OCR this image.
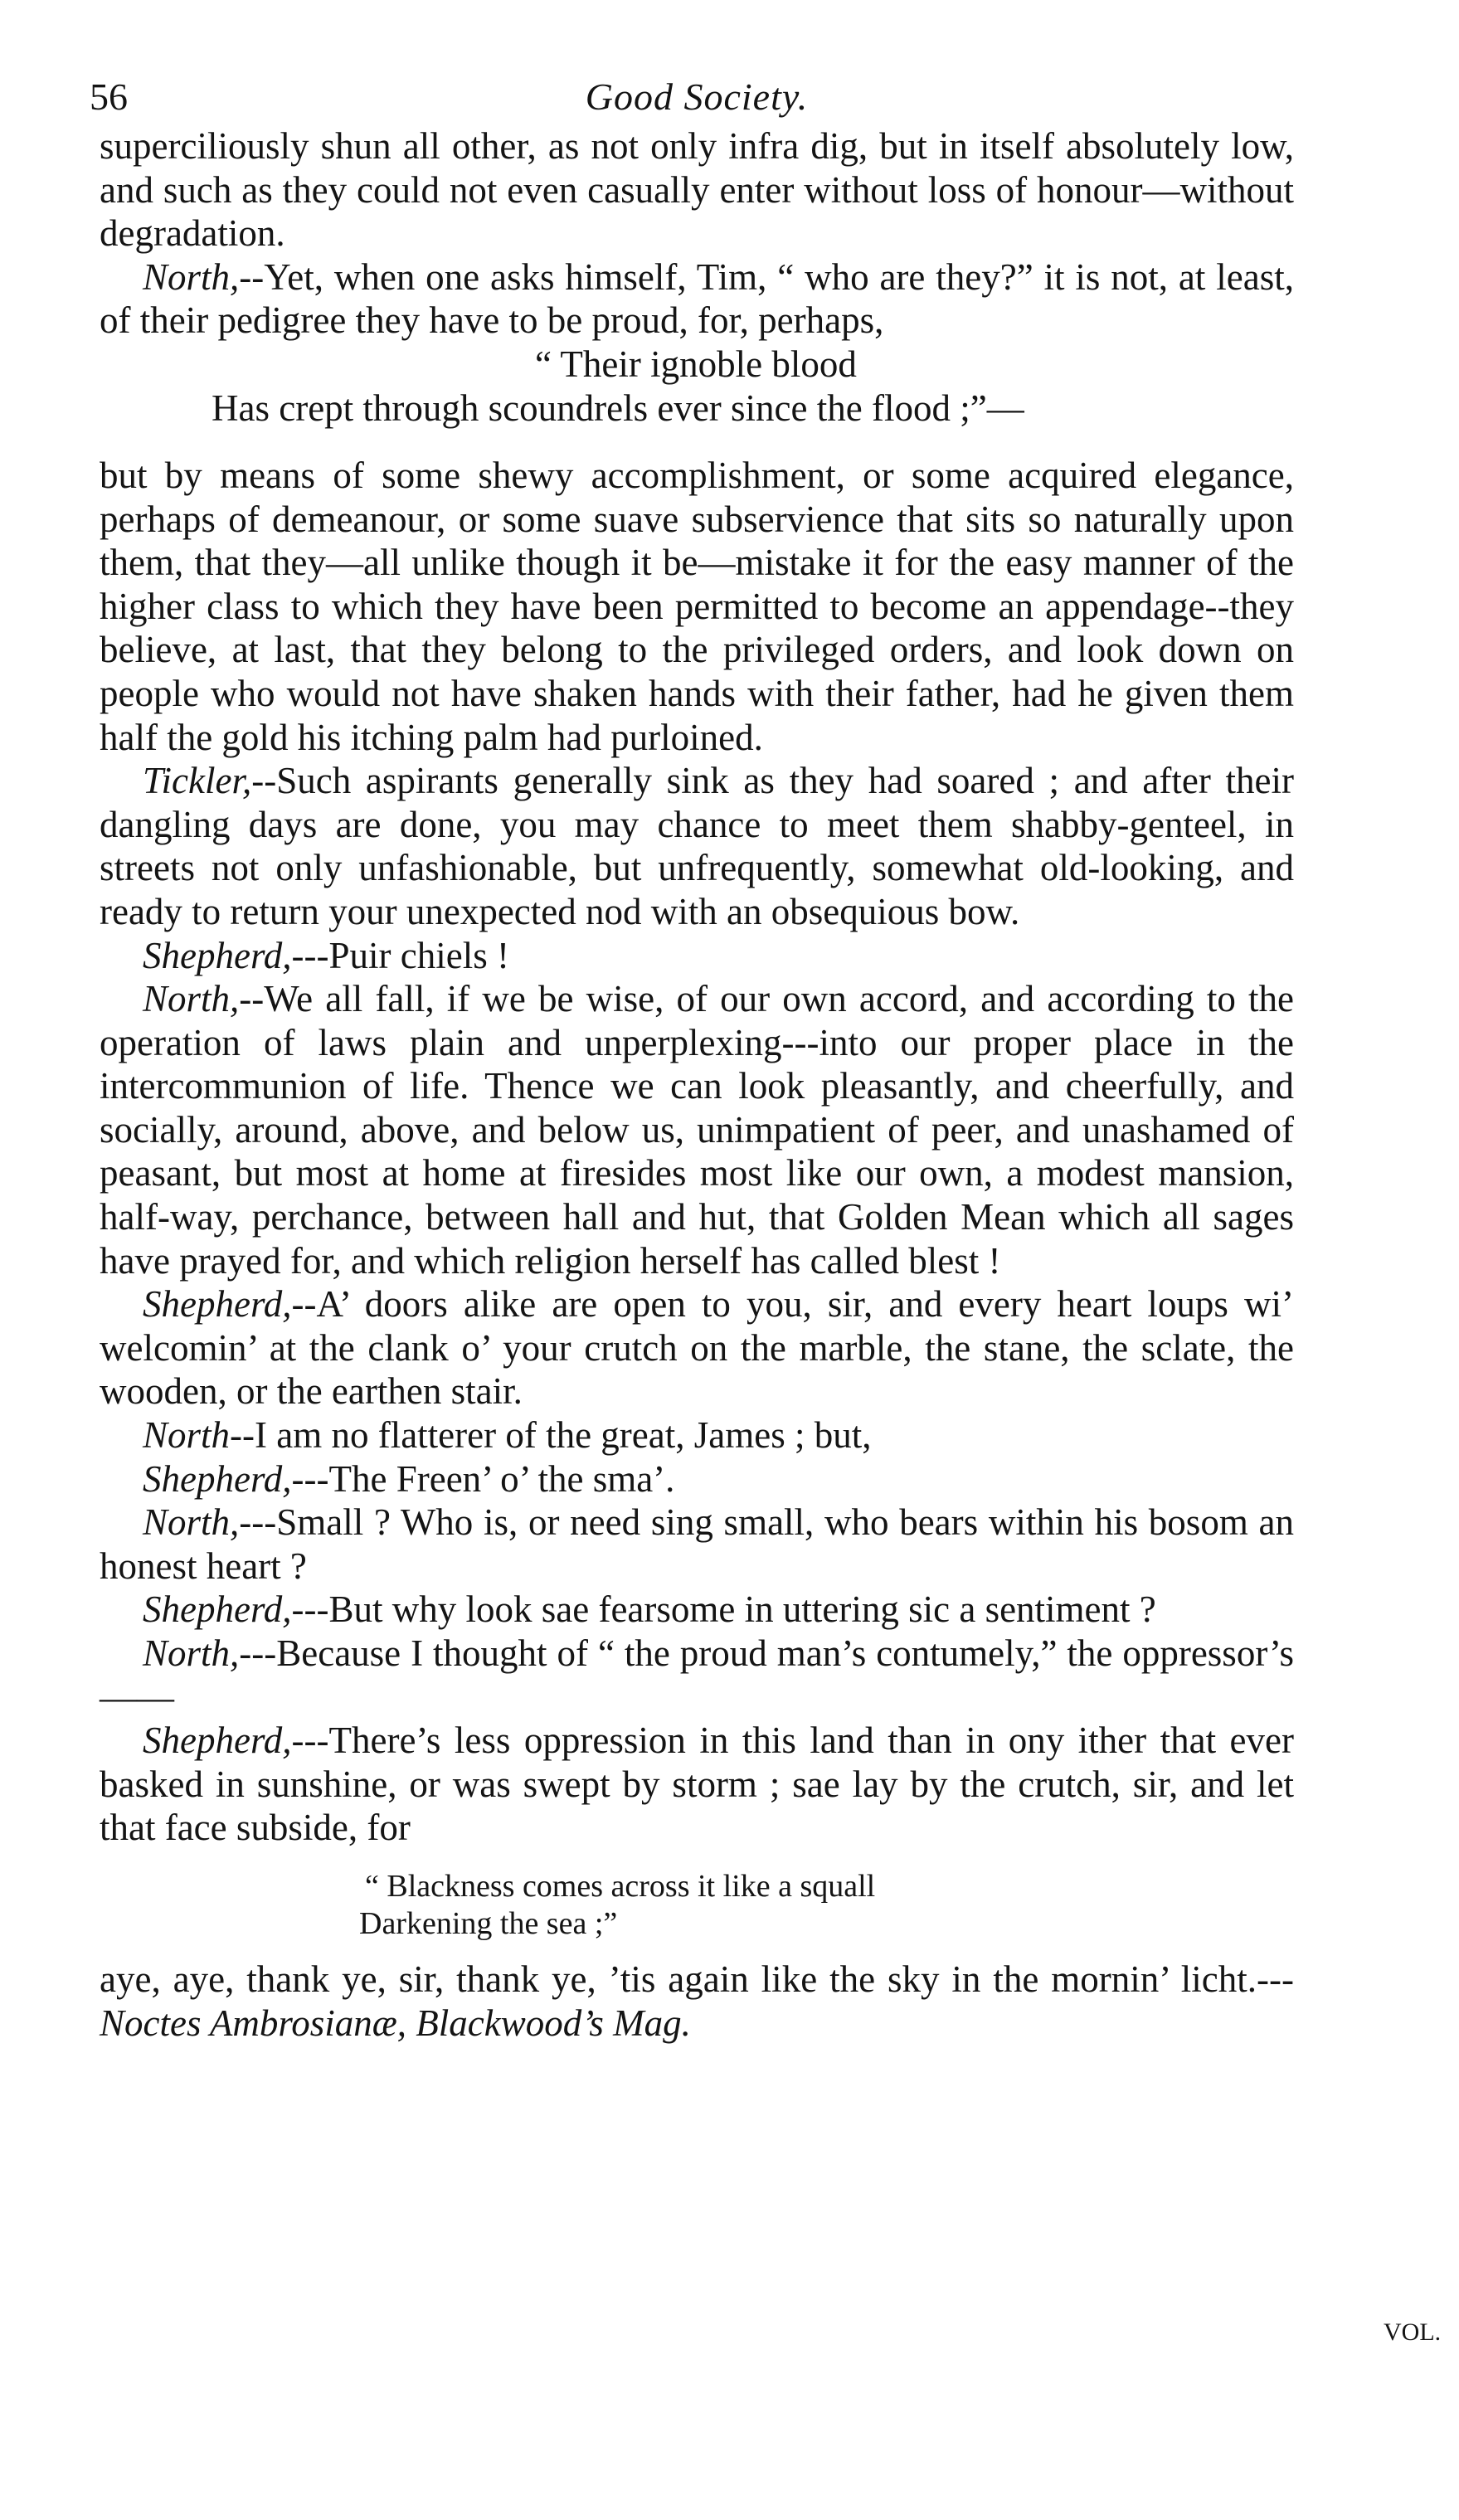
56	Good Society.

superciliously shun all other, as not only infra dig, but in itself absolutely low, and such as they could not even casually enter without loss of honour—without degradation.

North,--Yet, when one asks himself, Tim, “ who are they?” it is not, at least, of their pedigree they have to be proud, for, perhaps,

“ Their ignoble blood
Has crept through scoundrels ever since the flood ;”—

but by means of some shewy accomplishment, or some acquired elegance, perhaps of demeanour, or some suave subservience that sits so naturally upon them, that they—all unlike though it be—mistake it for the easy manner of the higher class to which they have been permitted to become an appendage--they believe, at last, that they belong to the privileged orders, and look down on people who would not have shaken hands with their father, had he given them half the gold his itching palm had purloined.

Tickler,--Such aspirants generally sink as they had soared ; and after their dangling days are done, you may chance to meet them shabby-genteel, in streets not only unfashionable, but unfrequently, somewhat old-looking, and ready to return your unexpected nod with an obsequious bow.

Shepherd,---Puir chiels !

North,--We all fall, if we be wise, of our own accord, and according to the operation of laws plain and unperplexing---into our proper place in the intercommunion of life. Thence we can look pleasantly, and cheerfully, and socially, around, above, and below us, unimpatient of peer, and unashamed of peasant, but most at home at firesides most like our own, a modest mansion, half-way, perchance, between hall and hut, that Golden Mean which all sages have prayed for, and which religion herself has called blest !

Shepherd,--A’ doors alike are open to you, sir, and every heart loups wi’ welcomin’ at the clank o’ your crutch on the marble, the stane, the sclate, the wooden, or the earthen stair.

North--I am no flatterer of the great, James ; but,

Shepherd,---The Freen’ o’ the sma’.

North,---Small ? Who is, or need sing small, who bears within his bosom an honest heart ?

Shepherd,---But why look sae fearsome in uttering sic a sentiment ?

North,---Because I thought of “ the proud man’s contumely,” the oppressor’s——

Shepherd,---There’s less oppression in this land than in ony ither that ever basked in sunshine, or was swept by storm ; sae lay by the crutch, sir, and let that face subside, for

“ Blackness comes across it like a squall
Darkening the sea ;”

aye, aye, thank ye, sir, thank ye, ’tis again like the sky in the mornin’ licht.---Noctes Ambrosianæ, Blackwood’s Mag.

VOL.
